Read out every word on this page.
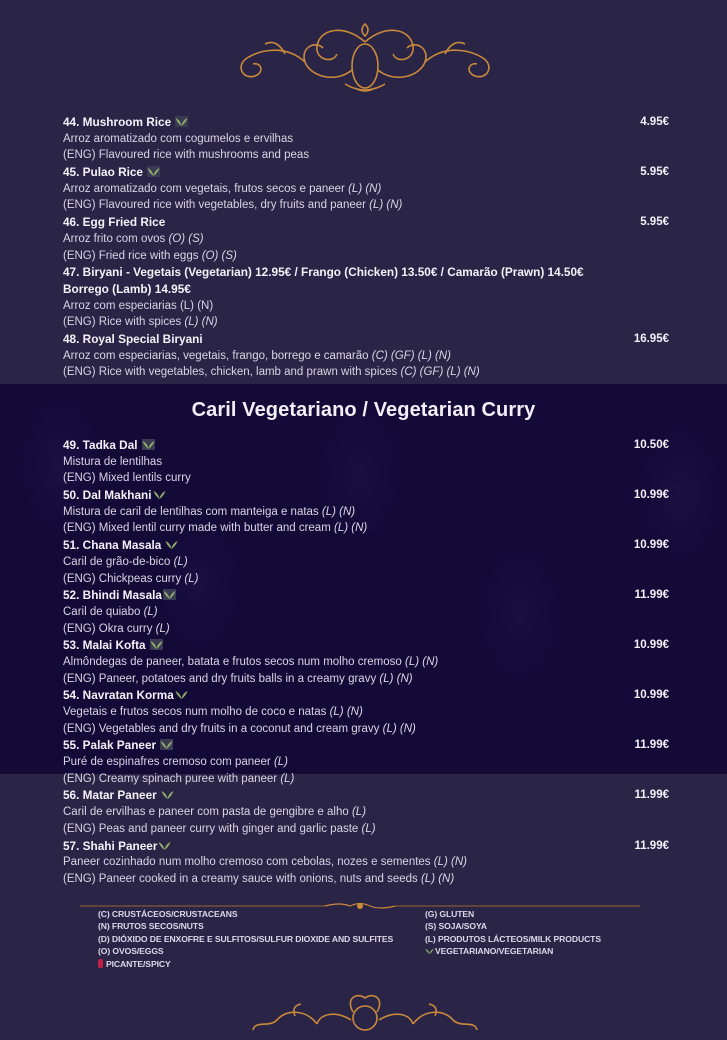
44. Mushroom Rice	4.95€
Arroz aromatizado com cogumelos e ervilhas
(ENG) Flavoured rice with mushrooms and peas
45. Pulao Rice	5.95€
Arroz aromatizado com vegetais, frutos secos e paneer (L) (N)
(ENG) Flavoured rice with vegetables, dry fruits and paneer (L) (N)
46. Egg Fried Rice	5.95€
Arroz frito com ovos (O) (S)
(ENG) Fried rice with eggs (O) (S)
47. Biryani - Vegetais (Vegetarian) 12.95€ / Frango (Chicken) 13.50€ / Camarão (Prawn) 14.50€
Borrego (Lamb) 14.95€
Arroz com especiarias (L) (N)
(ENG) Rice with spices (L) (N)
48. Royal Special Biryani	16.95€
Arroz com especiarias, vegetais, frango, borrego e camarão (C) (GF) (L) (N)
(ENG) Rice with vegetables, chicken, lamb and prawn with spices (C) (GF) (L) (N)
Caril Vegetariano / Vegetarian Curry
49. Tadka Dal	10.50€
Mistura de lentilhas
(ENG) Mixed lentils curry
50. Dal Makhani	10.99€
Mistura de caril de lentilhas com manteiga e natas (L) (N)
(ENG) Mixed lentil curry made with butter and cream (L) (N)
51. Chana Masala	10.99€
Caril de grão-de-bico (L)
(ENG) Chickpeas curry (L)
52. Bhindi Masala	11.99€
Caril de quiabo (L)
(ENG) Okra curry (L)
53. Malai Kofta	10.99€
Almôndegas de paneer, batata e frutos secos num molho cremoso (L) (N)
(ENG) Paneer, potatoes and dry fruits balls in a creamy gravy (L) (N)
54. Navratan Korma	10.99€
Vegetais e frutos secos num molho de coco e natas (L) (N)
(ENG) Vegetables and dry fruits in a coconut and cream gravy (L) (N)
55. Palak Paneer	11.99€
Puré de espinafres cremoso com paneer (L)
(ENG) Creamy spinach puree with paneer (L)
56. Matar Paneer	11.99€
Caril de ervilhas e paneer com pasta de gengibre e alho (L)
(ENG) Peas and paneer curry with ginger and garlic paste (L)
57. Shahi Paneer	11.99€
Paneer cozinhado num molho cremoso com cebolas, nozes e sementes (L) (N)
(ENG) Paneer cooked in a creamy sauce with onions, nuts and seeds (L) (N)
(C) CRUSTÁCEOS/CRUSTACEANS
(N) FRUTOS SECOS/NUTS
(D) DIÓXIDO DE ENXOFRE E SULFITOS/SULFUR DIOXIDE AND SULFITES
(O) OVOS/EGGS
PICANTE/SPICY
(G) GLUTEN
(S) SOJA/SOYA
(L) PRODUTOS LÁCTEOS/MILK PRODUCTS
VEGETARIANO/VEGETARIAN
